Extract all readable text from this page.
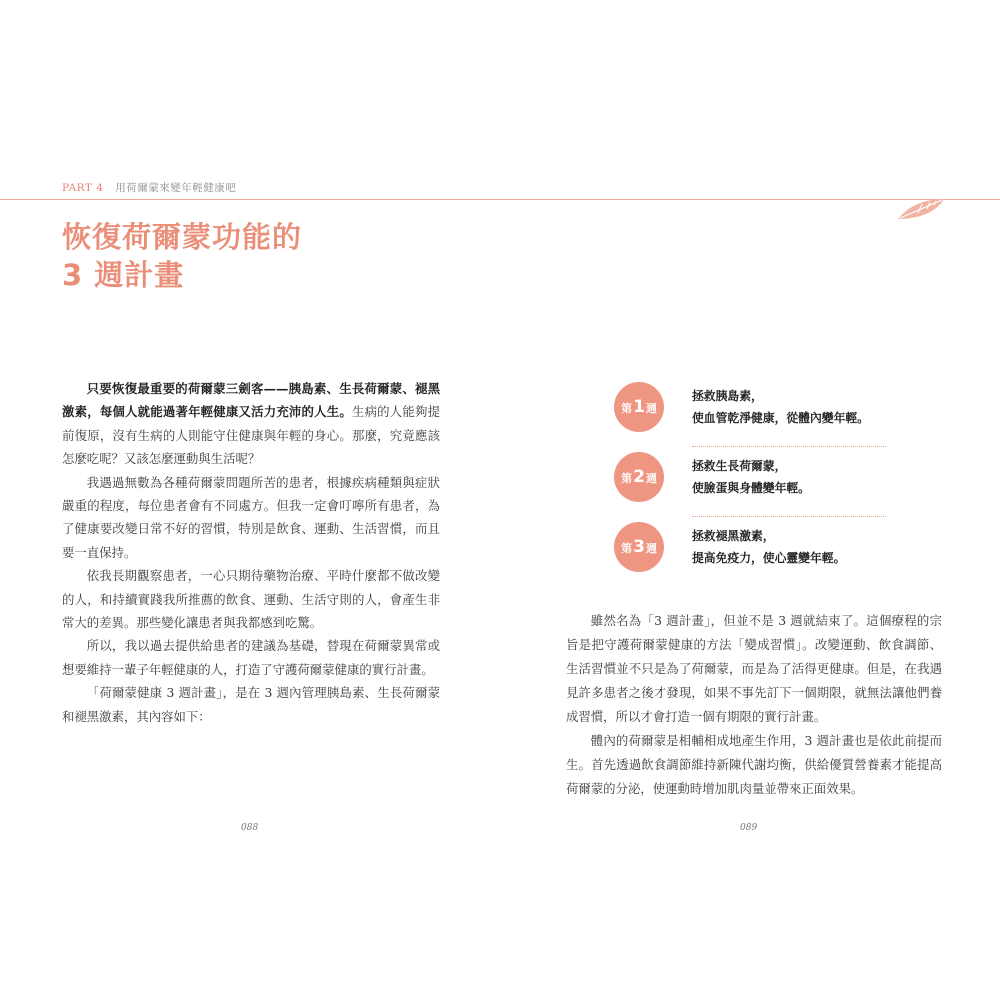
PART 4 用荷爾蒙來變年輕健康吧
恢復荷爾蒙功能的
3 週計畫

只要恢復最重要的荷爾蒙三劍客——胰島素、生長荷爾蒙、褪黑激素，每個人就能過著年輕健康又活力充沛的人生。生病的人能夠提前復原，沒有生病的人則能守住健康與年輕的身心。那麼，究竟應該怎麼吃呢？又該怎麼運動與生活呢？

我遇過無數為各種荷爾蒙問題所苦的患者，根據疾病種類與症狀嚴重的程度，每位患者會有不同處方。但我一定會叮嚀所有患者，為了健康要改變日常不好的習慣，特別是飲食、運動、生活習慣，而且要一直保持。

依我長期觀察患者，一心只期待藥物治療、平時什麼都不做改變的人，和持續實踐我所推薦的飲食、運動、生活守則的人，會產生非常大的差異。那些變化讓患者與我都感到吃驚。

所以，我以過去提供給患者的建議為基礎，替現在荷爾蒙異常或想要維持一輩子年輕健康的人，打造了守護荷爾蒙健康的實行計畫。

「荷爾蒙健康 3 週計畫」，是在 3 週內管理胰島素、生長荷爾蒙和褪黑激素，其內容如下：

第1週
拯救胰島素，
使血管乾淨健康，從體內變年輕。
第2週
拯救生長荷爾蒙，
使臉蛋與身體變年輕。
第3週
拯救褪黑激素，
提高免疫力，使心靈變年輕。

雖然名為「3 週計畫」，但並不是 3 週就結束了。這個療程的宗旨是把守護荷爾蒙健康的方法「變成習慣」。改變運動、飲食調節、生活習慣並不只是為了荷爾蒙，而是為了活得更健康。但是，在我遇見許多患者之後才發現，如果不事先訂下一個期限，就無法讓他們養成習慣，所以才會打造一個有期限的實行計畫。

體內的荷爾蒙是相輔相成地產生作用，3 週計畫也是依此前提而生。首先透過飲食調節維持新陳代謝均衡，供給優質營養素才能提高荷爾蒙的分泌，使運動時增加肌肉量並帶來正面效果。

088	089
